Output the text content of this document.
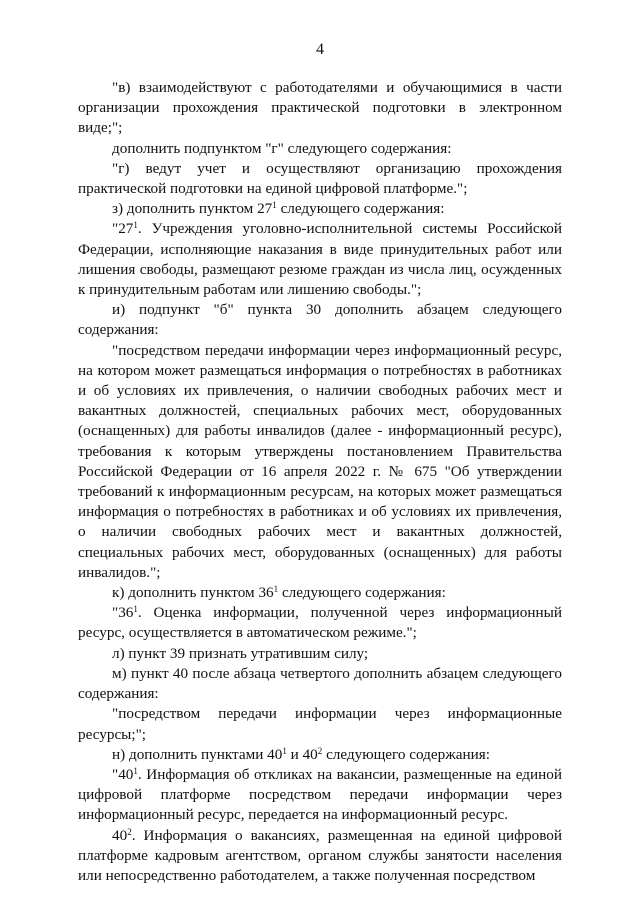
4

"в) взаимодействуют с работодателями и обучающимися в части организации прохождения практической подготовки в электронном виде;";

дополнить подпунктом "г" следующего содержания:

"г) ведут учет и осуществляют организацию прохождения практической подготовки на единой цифровой платформе.";

з) дополнить пунктом $27^1$ следующего содержания:

"$27^1$. Учреждения уголовно-исполнительной системы Российской Федерации, исполняющие наказания в виде принудительных работ или лишения свободы, размещают резюме граждан из числа лиц, осужденных к принудительным работам или лишению свободы.";

и) подпункт "б" пункта 30 дополнить абзацем следующего содержания:

"посредством передачи информации через информационный ресурс, на котором может размещаться информация о потребностях в работниках и об условиях их привлечения, о наличии свободных рабочих мест и вакантных должностей, специальных рабочих мест, оборудованных (оснащенных) для работы инвалидов (далее - информационный ресурс), требования к которым утверждены постановлением Правительства Российской Федерации от 16 апреля 2022 г. № 675 "Об утверждении требований к информационным ресурсам, на которых может размещаться информация о потребностях в работниках и об условиях их привлечения, о наличии свободных рабочих мест и вакантных должностей, специальных рабочих мест, оборудованных (оснащенных) для работы инвалидов.";

к) дополнить пунктом $36^1$ следующего содержания:

"$36^1$. Оценка информации, полученной через информационный ресурс, осуществляется в автоматическом режиме.";

л) пункт 39 признать утратившим силу;

м) пункт 40 после абзаца четвертого дополнить абзацем следующего содержания:

"посредством передачи информации через информационные ресурсы;";

н) дополнить пунктами $40^1$ и $40^2$ следующего содержания:

"$40^1$. Информация об откликах на вакансии, размещенные на единой цифровой платформе посредством передачи информации через информационный ресурс, передается на информационный ресурс.

$40^2$. Информация о вакансиях, размещенная на единой цифровой платформе кадровым агентством, органом службы занятости населения или непосредственно работодателем, а также полученная посредством
